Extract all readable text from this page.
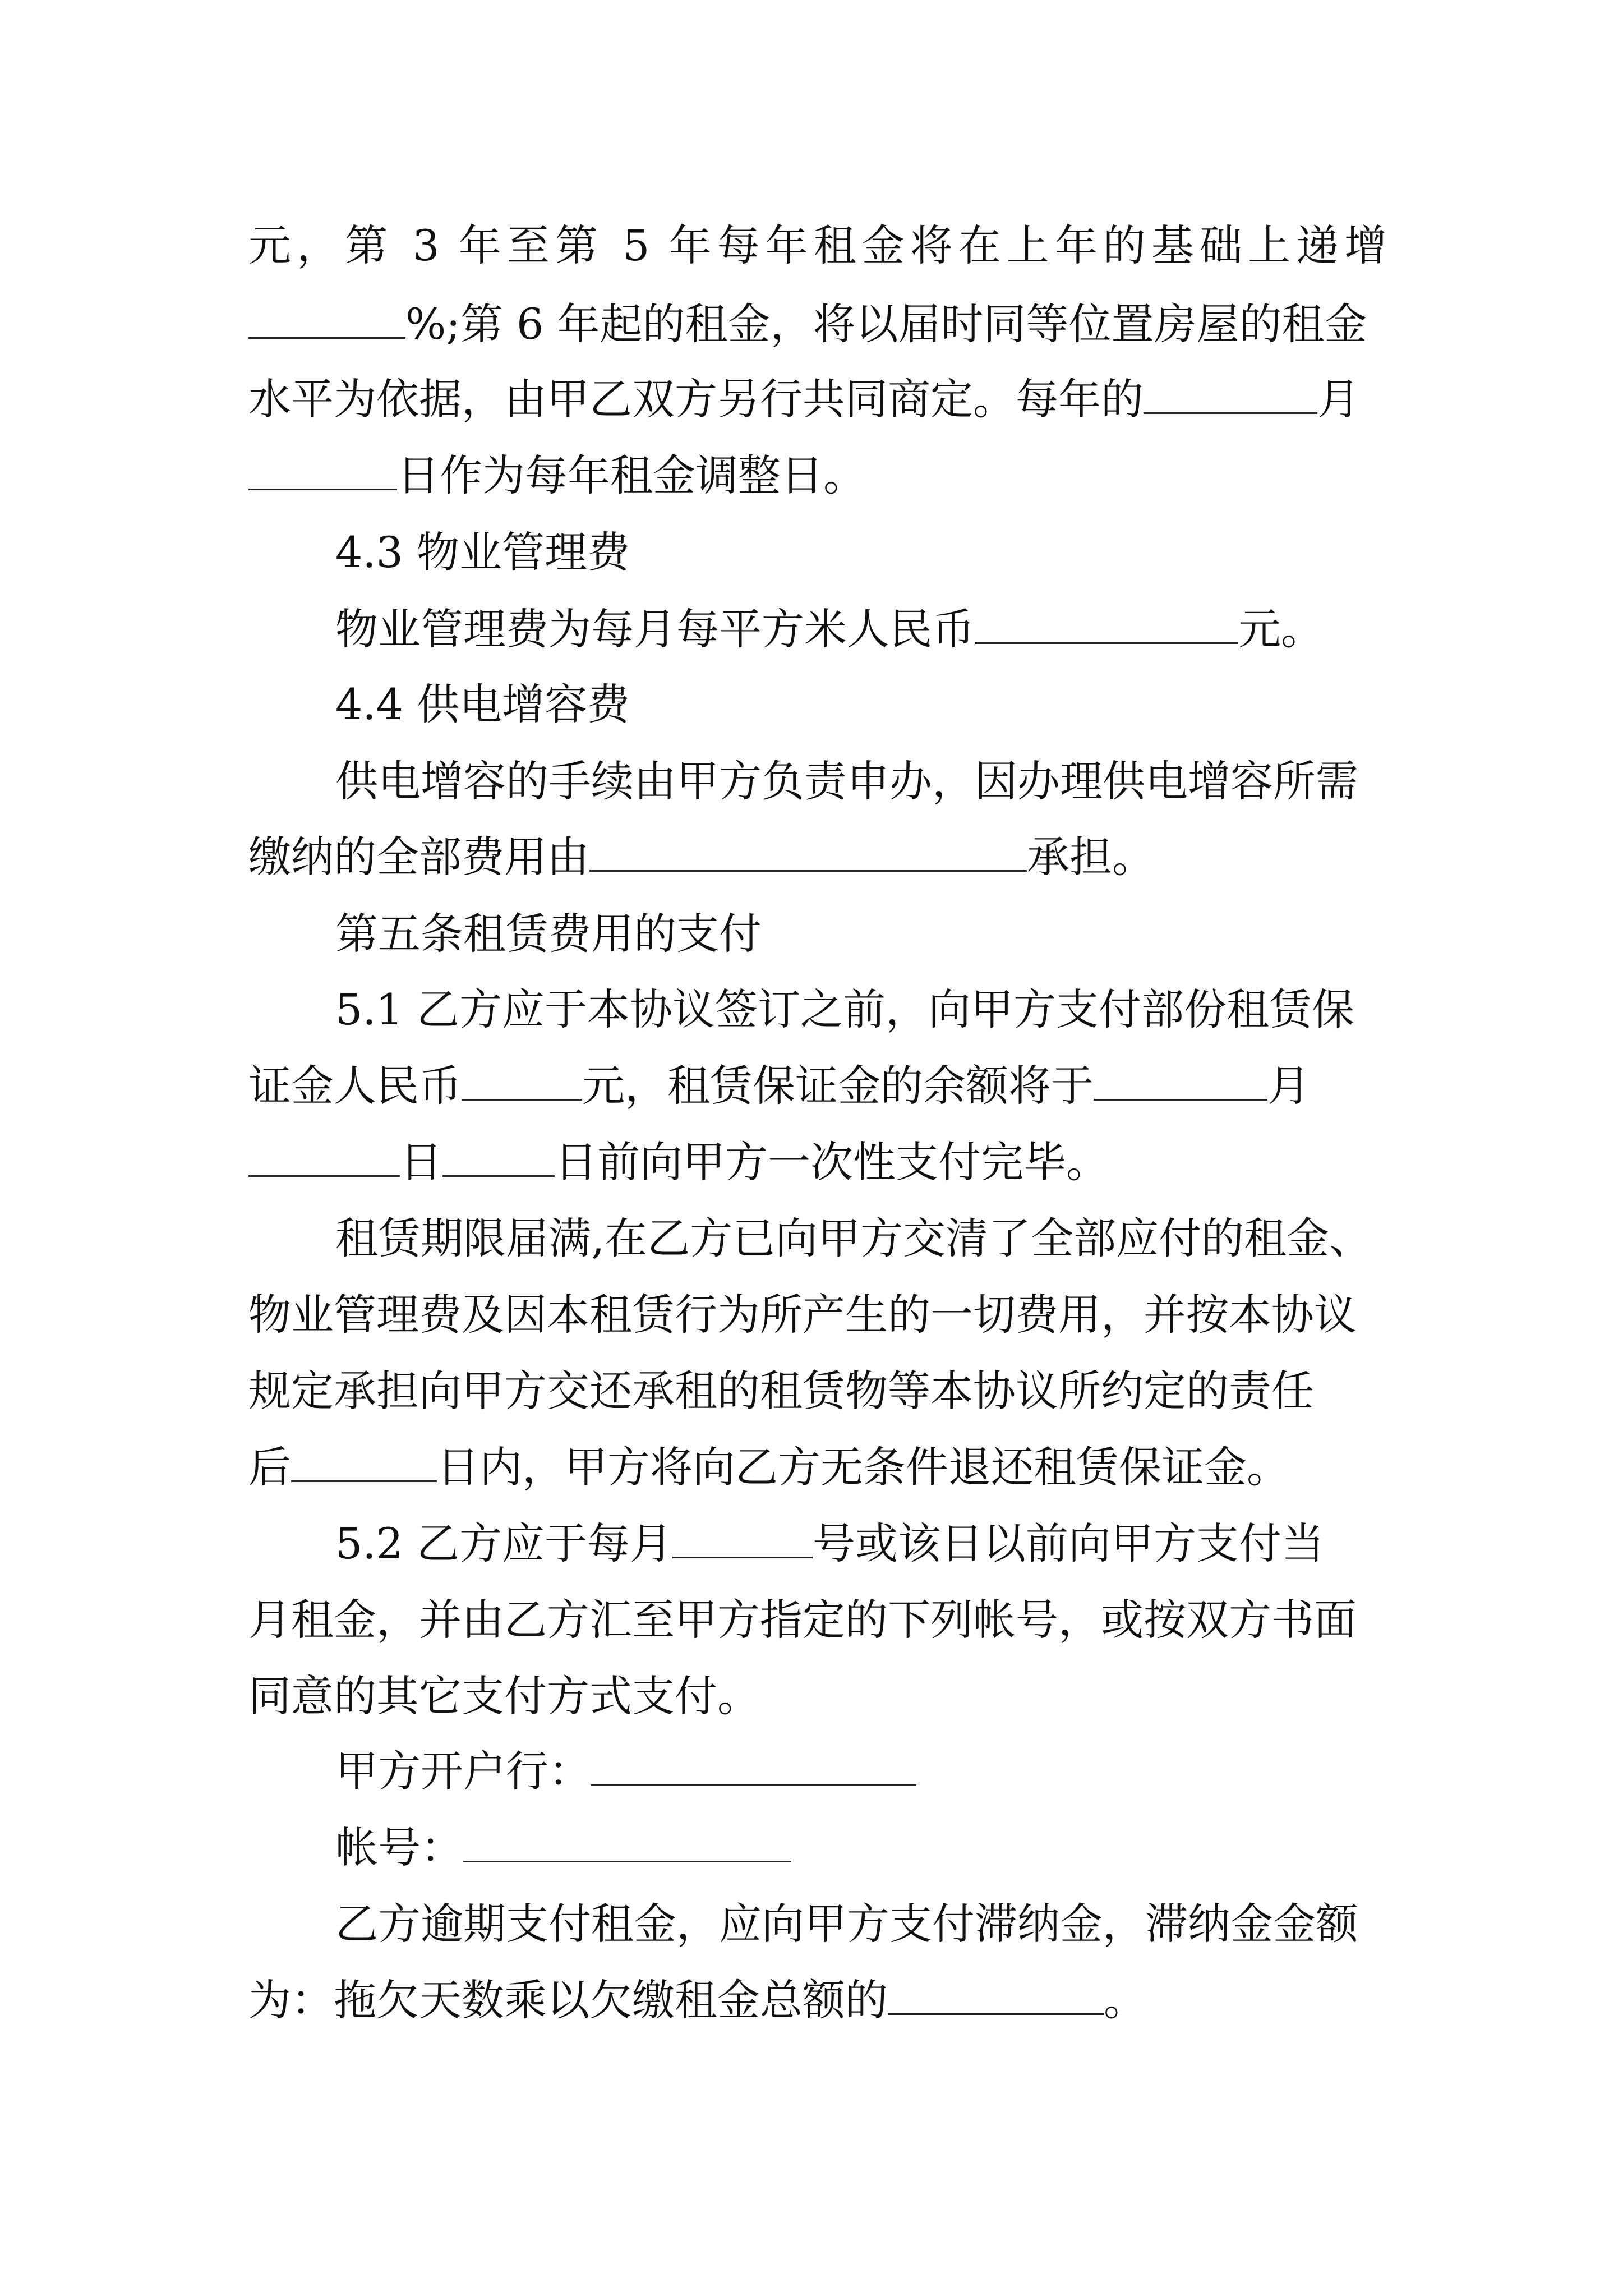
元，第 3 年至第 5 年每年租金将在上年的基础上递增
%;第 6 年起的租金，将以届时同等位置房屋的租金
水平为依据，由甲乙双方另行共同商定。每年的	月
日作为每年租金调整日。
4.3 物业管理费
物业管理费为每月每平方米人民币	元。
4.4 供电增容费
供电增容的手续由甲方负责申办，因办理供电增容所需
缴纳的全部费用由	承担。
第五条租赁费用的支付
5.1 乙方应于本协议签订之前，向甲方支付部份租赁保
证金人民币	元，租赁保证金的余额将于	月
日	日前向甲方一次性支付完毕。
租赁期限届满,在乙方已向甲方交清了全部应付的租金、
物业管理费及因本租赁行为所产生的一切费用，并按本协议
规定承担向甲方交还承租的租赁物等本协议所约定的责任
后	日内，甲方将向乙方无条件退还租赁保证金。
5.2 乙方应于每月	号或该日以前向甲方支付当
月租金，并由乙方汇至甲方指定的下列帐号，或按双方书面
同意的其它支付方式支付。
甲方开户行：
帐号：
乙方逾期支付租金，应向甲方支付滞纳金，滞纳金金额
为：拖欠天数乘以欠缴租金总额的	。
